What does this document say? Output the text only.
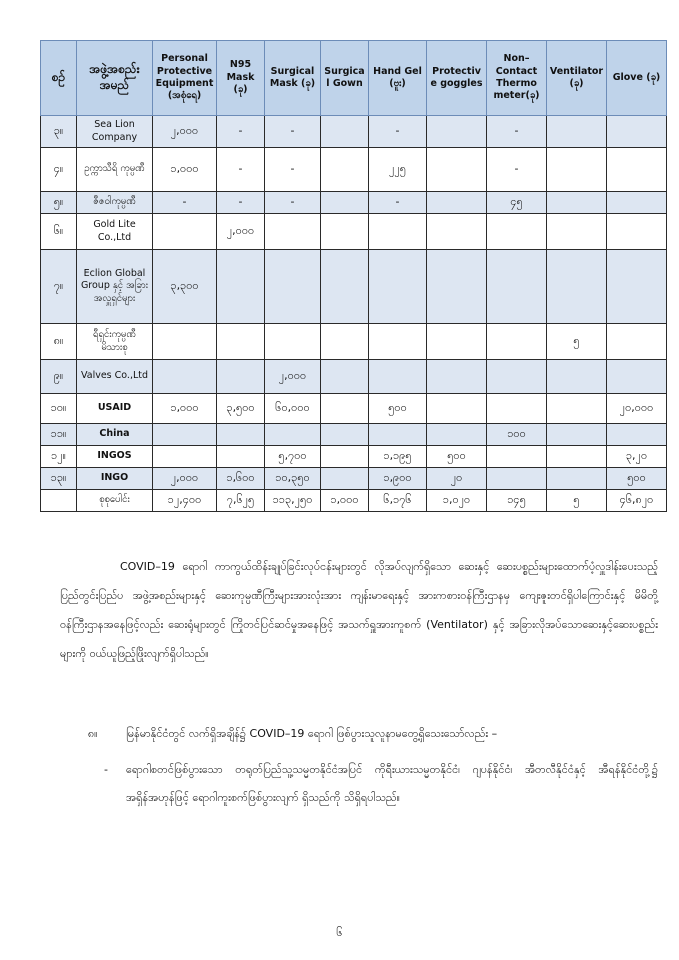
စဉ်	အဖွဲ့အစည်း အမည်	Personal Protective Equipment (အစုံရေ)	N95 Mask (ခု)	Surgical Mask (ခု)	Surgical Gown	Hand Gel (ဗူး)	Protective goggles	Non– Contact Thermo meter(ခု)	Ventilator (ခု)	Glove (ခု)
၃။	Sea Lion Company	၂,၀၀၀	-	-		-		-		
၄။	ဥက္ကာသီရိ ကုမ္ပဏီ	၁,၀၀၀	-	-		၂၂၅		-		
၅။	ဇီဇဝါကုမ္ပဏီ	-	-	-		-		၄၅		
၆။	Gold Lite Co.,Ltd		၂,၀၀၀							
၇။	Eclion Global Group နှင့် အခြား အလှူရှင်များ	၃,၃၀၀								
၈။	ရီရှင်းကုမ္ပဏီ မိသားစု								၅	
၉။	Valves Co.,Ltd			၂,၀၀၀						
၁၀။	USAID	၁,၀၀၀	၃,၅၀၀	၆၀,၀၀၀		၅၀၀				၂၀,၀၀၀
၁၁။	China							၁၀၀		
၁၂။	INGOS			၅,၇၀၀		၁,၁၉၅	၅၀၀			၃,၂၀
၁၃။	INGO	၂,၀၀၀	၁,၆၀၀	၁၀,၃၅၀		၁,၉၀၀	၂၀			၅၀၀
	စုစုပေါင်း	၁၂,၄၀၀	၇,၆၂၅	၁၁၃,၂၅၀	၁,၀၀၀	၆,၁၇၆	၁,၀၂၀	၁၄၅	၅	၄၆,၈၂၀

COVID–19 ရောဂါ ကာကွယ်ထိန်းချုပ်ခြင်းလုပ်ငန်းများတွင် လိုအပ်လျက်ရှိသော ဆေးနှင့် ဆေးပစ္စည်းများထောက်ပံ့လှူဒါန်းပေးသည့် ပြည်တွင်းပြည်ပ အဖွဲ့အစည်းများနှင့် ဆေးကုမ္ပဏီကြီးများအားလုံးအား ကျန်းမာရေးနှင့် အားကစားဝန်ကြီးဌာနမှ ကျေးဇူးတင်ရှိပါကြောင်းနှင့် မိမိတို့ဝန်ကြီးဌာနအနေဖြင့်လည်း ဆေးရုံများတွင် ကြိုတင်ပြင်ဆင်မှုအနေဖြင့် အသက်ရှူအားကူစက် (Ventilator) နှင့် အခြားလိုအပ်သောဆေးနှင့်ဆေးပစ္စည်းများကို ဝယ်ယူဖြည့်ဖြိုးလျက်ရှိပါသည်။

၈။	မြန်မာနိုင်ငံတွင် လက်ရှိအချိန်၌ COVID–19 ရောဂါ ဖြစ်ပွားသူလူနာမတွေ့ရှိသေးသော်လည်း –

- ရောဂါစတင်ဖြစ်ပွားသော တရုတ်ပြည်သူ့သမ္မတနိုင်ငံအပြင် ကိုရီးယားသမ္မတနိုင်ငံ၊ ဂျပန်နိုင်ငံ၊ အီတလီနိုင်ငံနှင့် အီရန်နိုင်ငံတို့၌ အရှိန်အဟုန်ဖြင့် ရောဂါကူးစက်ဖြစ်ပွားလျက် ရှိသည်ကို သိရှိရပါသည်။

၆
